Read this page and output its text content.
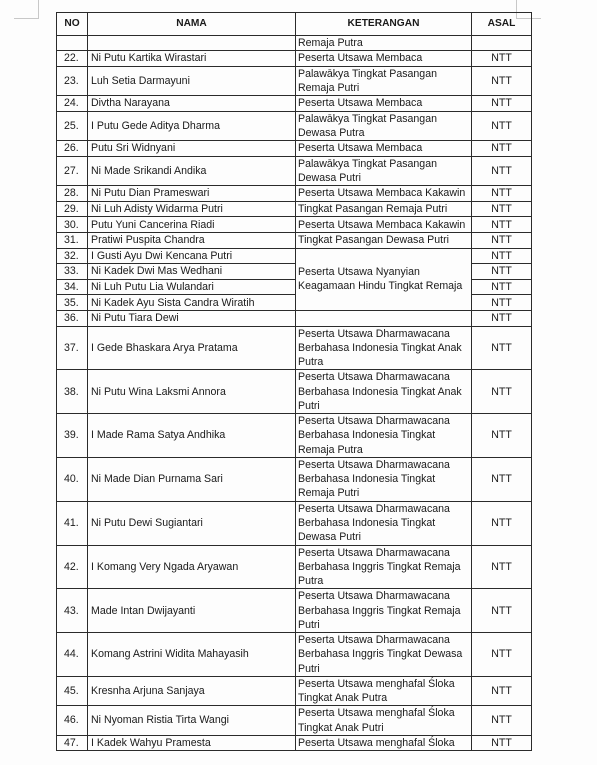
NO	NAMA	KETERANGAN	ASAL
		Remaja Putra	
22.	Ni Putu Kartika Wirastari	Peserta Utsawa Membaca	NTT
23.	Luh Setia Darmayuni	Palawākya Tingkat Pasangan
Remaja Putri	NTT
24.	Divtha Narayana	Peserta Utsawa Membaca	NTT
25.	I Putu Gede Aditya Dharma	Palawākya Tingkat Pasangan
Dewasa Putra	NTT
26.	Putu Sri Widnyani	Peserta Utsawa Membaca	NTT
27.	Ni Made Srikandi Andika	Palawākya Tingkat Pasangan
Dewasa Putri	NTT
28.	Ni Putu Dian Prameswari	Peserta Utsawa Membaca Kakawin	NTT
29.	Ni Luh Adisty Widarma Putri	Tingkat Pasangan Remaja Putri	NTT
30.	Putu Yuni Cancerina Riadi	Peserta Utsawa Membaca Kakawin	NTT
31.	Pratiwi Puspita Chandra	Tingkat Pasangan Dewasa Putri	NTT
32.	I Gusti Ayu Dwi Kencana Putri	Peserta Utsawa Nyanyian
Keagamaan Hindu Tingkat Remaja	NTT
33.	Ni Kadek Dwi Mas Wedhani		NTT
34.	Ni Luh Putu Lia Wulandari		NTT
35.	Ni Kadek Ayu Sista Candra Wiratih		NTT
36.	Ni Putu Tiara Dewi		NTT
37.	I Gede Bhaskara Arya Pratama	Peserta Utsawa Dharmawacana
Berbahasa Indonesia Tingkat Anak
Putra	NTT
38.	Ni Putu Wina Laksmi Annora	Peserta Utsawa Dharmawacana
Berbahasa Indonesia Tingkat Anak
Putri	NTT
39.	I Made Rama Satya Andhika	Peserta Utsawa Dharmawacana
Berbahasa Indonesia Tingkat
Remaja Putra	NTT
40.	Ni Made Dian Purnama Sari	Peserta Utsawa Dharmawacana
Berbahasa Indonesia Tingkat
Remaja Putri	NTT
41.	Ni Putu Dewi Sugiantari	Peserta Utsawa Dharmawacana
Berbahasa Indonesia Tingkat
Dewasa Putri	NTT
42.	I Komang Very Ngada Aryawan	Peserta Utsawa Dharmawacana
Berbahasa Inggris Tingkat Remaja
Putra	NTT
43.	Made Intan Dwijayanti	Peserta Utsawa Dharmawacana
Berbahasa Inggris Tingkat Remaja
Putri	NTT
44.	Komang Astrini Widita Mahayasih	Peserta Utsawa Dharmawacana
Berbahasa Inggris Tingkat Dewasa
Putri	NTT
45.	Kresnha Arjuna Sanjaya	Peserta Utsawa menghafal Śloka
Tingkat Anak Putra	NTT
46.	Ni Nyoman Ristia Tirta Wangi	Peserta Utsawa menghafal Śloka
Tingkat Anak Putri	NTT
47.	I Kadek Wahyu Pramesta	Peserta Utsawa menghafal Śloka	NTT
